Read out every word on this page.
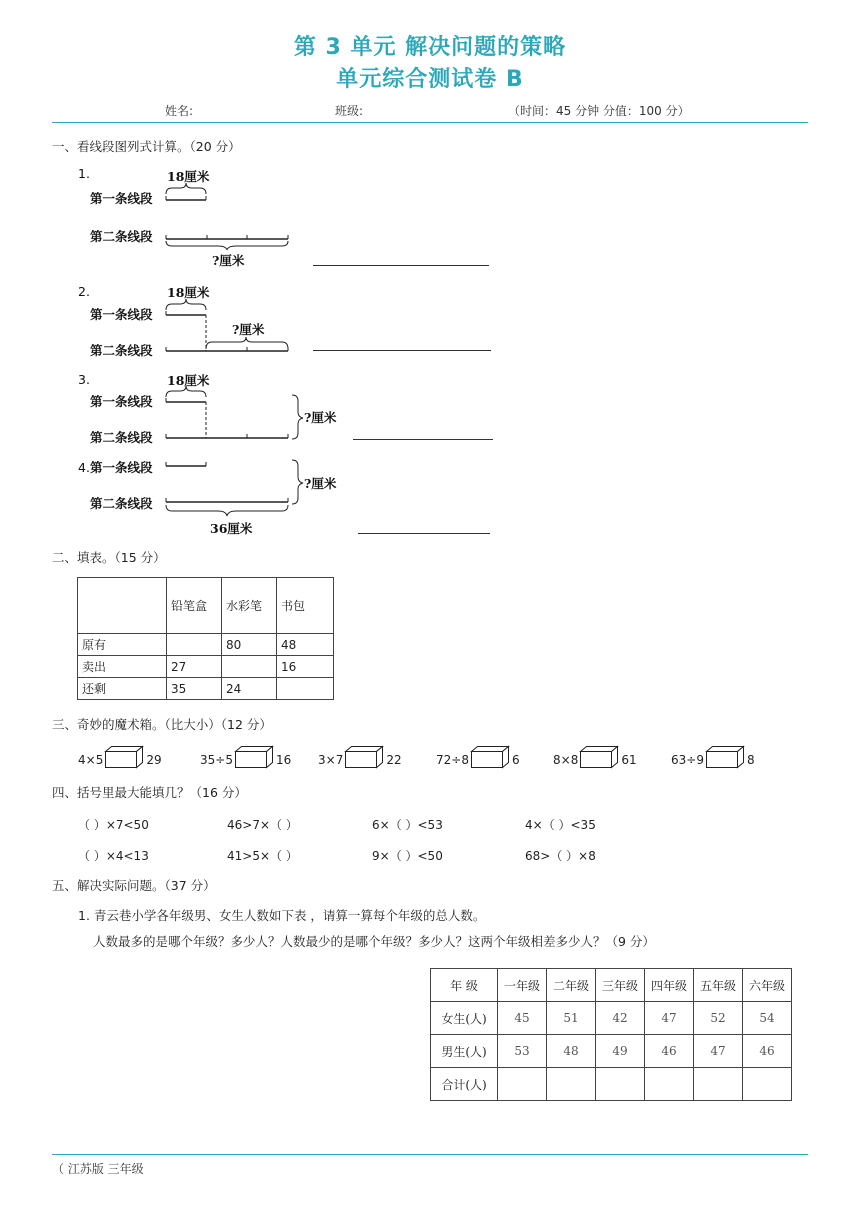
第 3 单元 解决问题的策略
单元综合测试卷 B
姓名:	班级:	（时间：45 分钟 分值：100 分）
一、看线段图列式计算。（20 分）
1.	18厘米
第一条线段
第二条线段
?厘米
2.	18厘米
第一条线段
?厘米
第二条线段
3.	18厘米
第一条线段
?厘米
第二条线段
4. 第一条线段
?厘米
第二条线段
36厘米
二、填表。（15 分）
	铅笔盒	水彩笔	书包
原有		80	48
卖出	27		16
还剩	35	24	
三、奇妙的魔术箱。（比大小）（12 分）
4×5	29	35÷5	16 3×7	22	72÷8	6	8×8	61	63÷9	8
四、括号里最大能填几？（16 分）
（ ）×7<50	46>7×（ ）	6×（ ）<53	4×（ ）<35
（ ）×4<13	41>5×（ ）	9×（ ）<50	68>（ ）×8
五、解决实际问题。（37 分）
1. 青云巷小学各年级男、女生人数如下表 ，请算一算每个年级的总人数。
人数最多的是哪个年级？多少人？人数最少的是哪个年级？多少人？这两个年级相差多少人？（9 分）
年 级	一年级	二年级	三年级	四年级	五年级	六年级
女生(人)	45	51	42	47	52	54
男生(人)	53	48	49	46	47	46
合计(人)						
（ 江苏版 三年级
